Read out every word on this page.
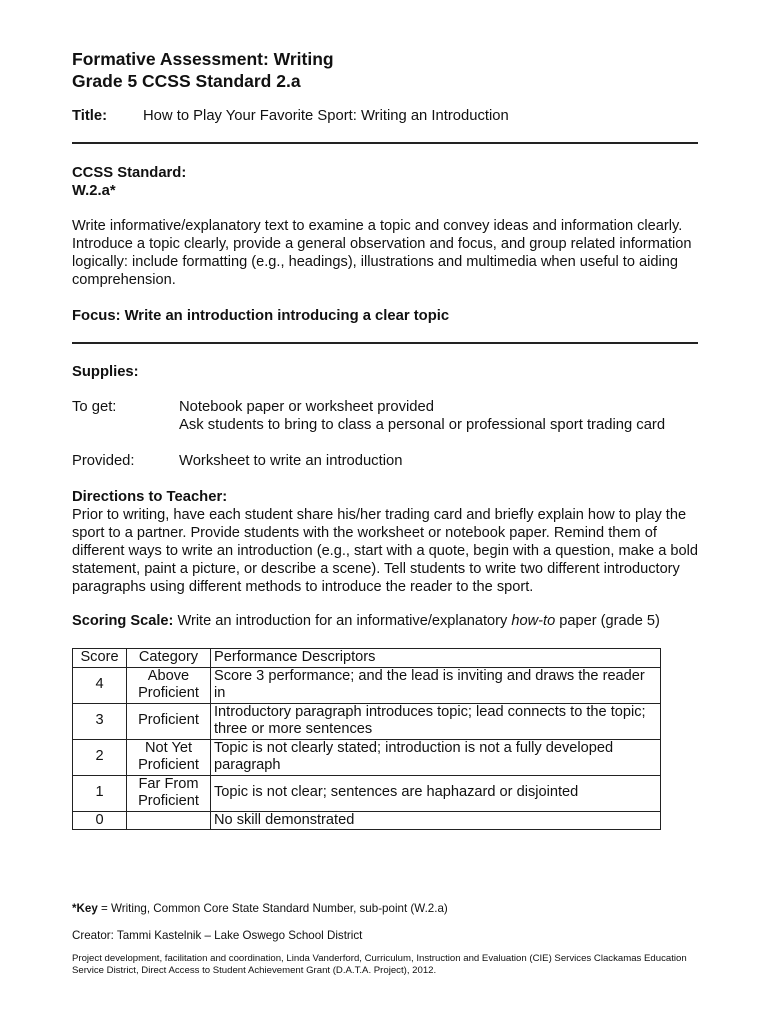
Formative Assessment: Writing
Grade 5 CCSS Standard 2.a
Title: How to Play Your Favorite Sport: Writing an Introduction
CCSS Standard:
W.2.a*
Write informative/explanatory text to examine a topic and convey ideas and information clearly. Introduce a topic clearly, provide a general observation and focus, and group related information logically: include formatting (e.g., headings), illustrations and multimedia when useful to aiding comprehension.
Focus: Write an introduction introducing a clear topic
Supplies:
To get:	Notebook paper or worksheet provided
Ask students to bring to class a personal or professional sport trading card
Provided:	Worksheet to write an introduction
Directions to Teacher:
Prior to writing, have each student share his/her trading card and briefly explain how to play the sport to a partner. Provide students with the worksheet or notebook paper. Remind them of different ways to write an introduction (e.g., start with a quote, begin with a question, make a bold statement, paint a picture, or describe a scene). Tell students to write two different introductory paragraphs using different methods to introduce the reader to the sport.
Scoring Scale: Write an introduction for an informative/explanatory how-to paper (grade 5)
Score	Category	Performance Descriptors
4	Above Proficient	Score 3 performance; and the lead is inviting and draws the reader in
3	Proficient	Introductory paragraph introduces topic; lead connects to the topic; three or more sentences
2	Not Yet Proficient	Topic is not clearly stated; introduction is not a fully developed paragraph
1	Far From Proficient	Topic is not clear; sentences are haphazard or disjointed
0		No skill demonstrated
*Key = Writing, Common Core State Standard Number, sub-point (W.2.a)
Creator: Tammi Kastelnik – Lake Oswego School District
Project development, facilitation and coordination, Linda Vanderford, Curriculum, Instruction and Evaluation (CIE) Services Clackamas Education Service District, Direct Access to Student Achievement Grant (D.A.T.A. Project), 2012.
